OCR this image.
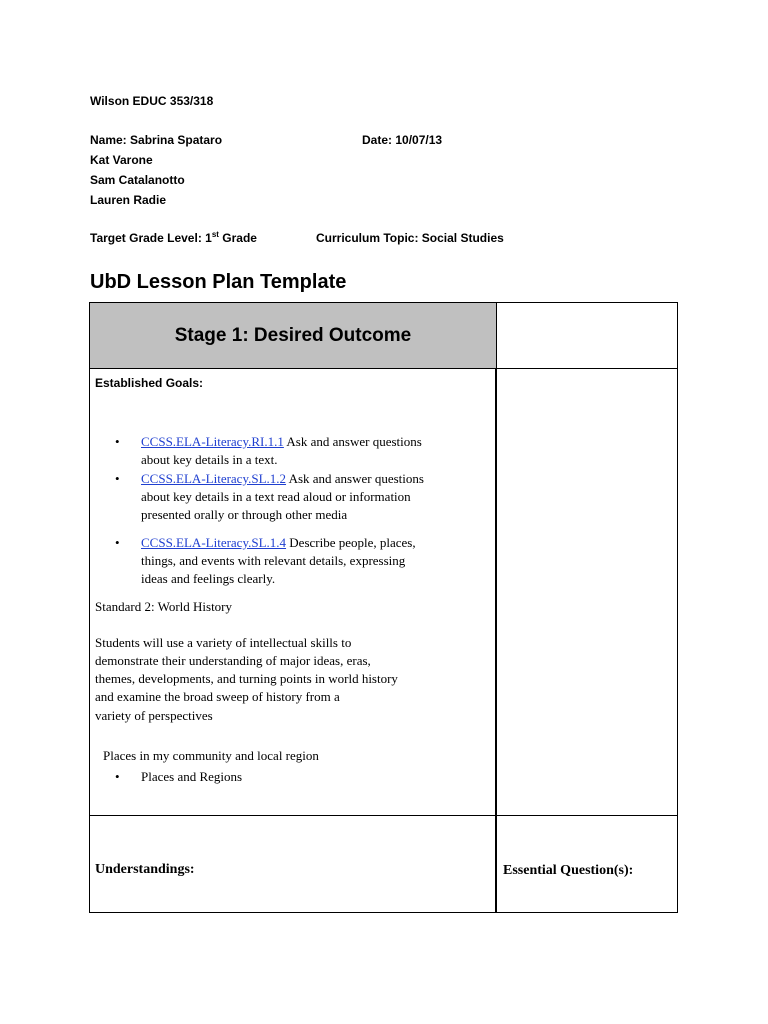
Wilson EDUC 353/318
Name: Sabrina Spataro	Date: 10/07/13
Kat Varone
Sam Catalanotto
Lauren Radie
Target Grade Level: 1st Grade	Curriculum Topic: Social Studies
UbD Lesson Plan Template
Stage 1: Desired Outcome
Established Goals:
• CCSS.ELA-Literacy.RI.1.1 Ask and answer questions
about key details in a text.
• CCSS.ELA-Literacy.SL.1.2 Ask and answer questions
about key details in a text read aloud or information
presented orally or through other media
• CCSS.ELA-Literacy.SL.1.4 Describe people, places,
things, and events with relevant details, expressing
ideas and feelings clearly.
Standard 2: World History
Students will use a variety of intellectual skills to
demonstrate their understanding of major ideas, eras,
themes, developments, and turning points in world history
and examine the broad sweep of history from a
variety of perspectives
Places in my community and local region
• Places and Regions
Understandings:	Essential Question(s):
